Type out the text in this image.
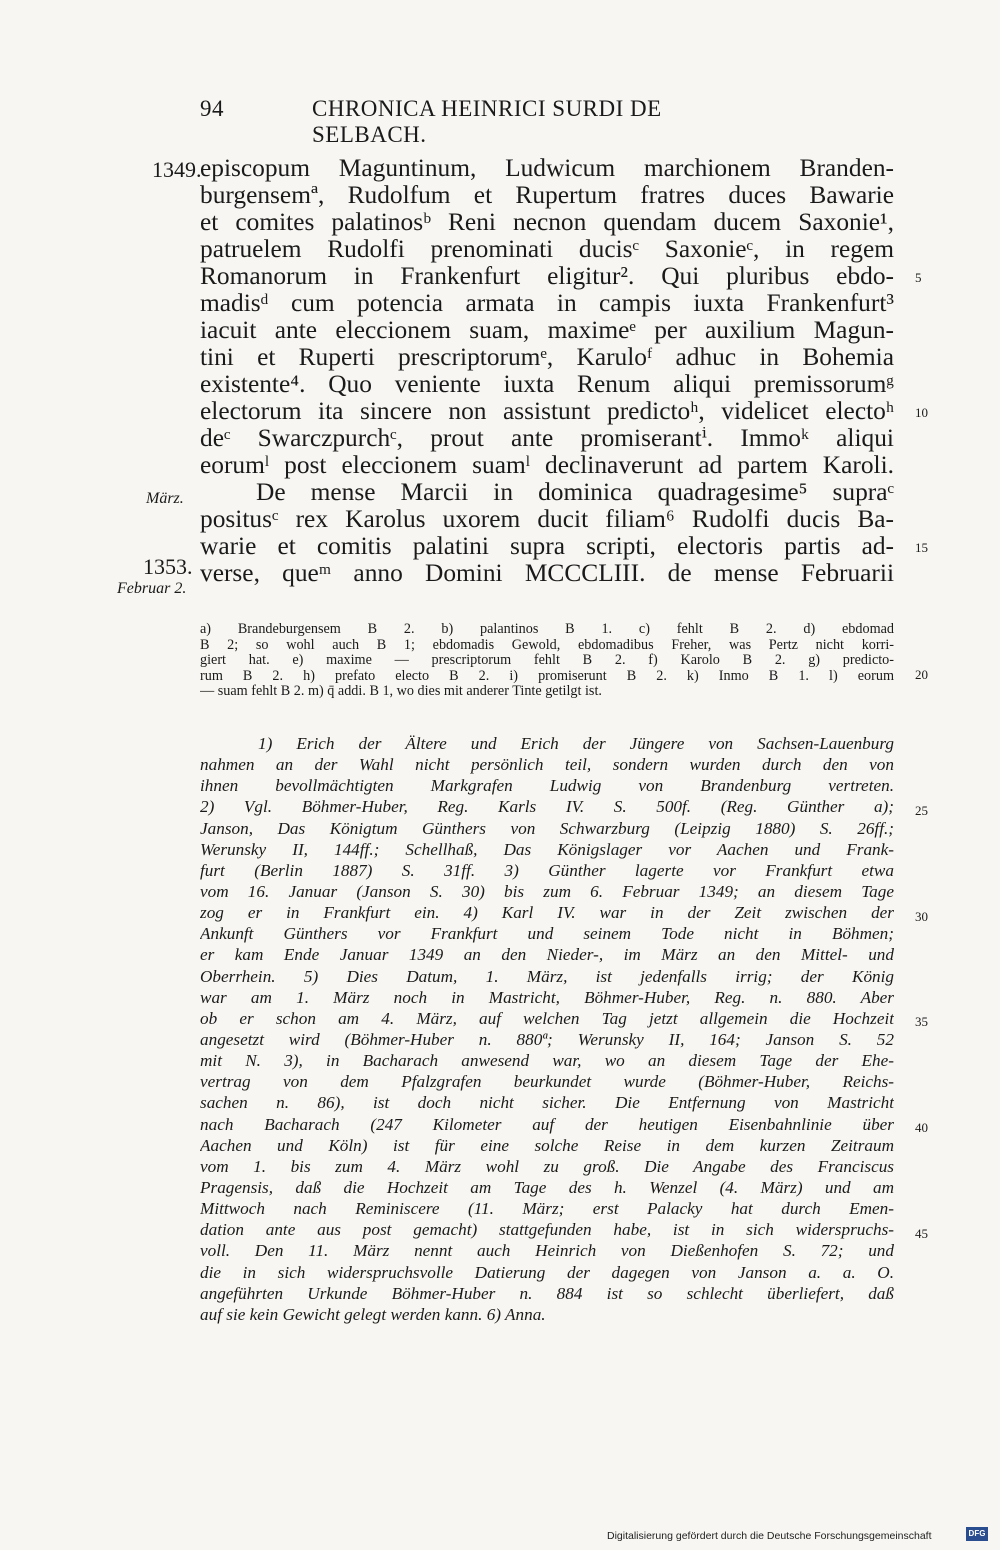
94	CHRONICA HEINRICI SURDI DE SELBACH.
1349.
März.
1353.
Februar 2.
5
10
15
20
25
30
35
40
45
episcopum Maguntinum, Ludwicum marchionem Branden-
burgensemª, Rudolfum et Rupertum fratres duces Bawarie
et comites palatinosᵇ Reni necnon quendam ducem Saxonie¹,
patruelem Rudolfi prenominati ducisᶜ Saxonieᶜ, in regem
Romanorum in Frankenfurt eligitur². Qui pluribus ebdo-
madisᵈ cum potencia armata in campis iuxta Frankenfurt³
iacuit ante eleccionem suam, maximeᵉ per auxilium Magun-
tini et Ruperti prescriptorumᵉ, Karuloᶠ adhuc in Bohemia
existente⁴. Quo veniente iuxta Renum aliqui premissorumᵍ
electorum ita sincere non assistunt predictoʰ, videlicet electoʰ
deᶜ Swarczpurchᶜ, prout ante promiserantⁱ. Immoᵏ aliqui
eorumˡ post eleccionem suamˡ declinaverunt ad partem Karoli.
De mense Marcii in dominica quadragesime⁵ supraᶜ
positusᶜ rex Karolus uxorem ducit filiam⁶ Rudolfi ducis Ba-
warie et comitis palatini supra scripti, electoris partis ad-
verse, queᵐ anno Domini MCCCLIII. de mense Februarii
a) Brandeburgensem B 2. b) palantinos B 1. c) fehlt B 2. d) ebdomad
B 2; so wohl auch B 1; ebdomadis Gewold, ebdomadibus Freher, was Pertz nicht korri-
giert hat. e) maxime — prescriptorum fehlt B 2. f) Karolo B 2. g) predicto-
rum B 2. h) prefato electo B 2. i) promiserunt B 2. k) Inmo B 1. l) eorum
— suam fehlt B 2. m) q̄ addi. B 1, wo dies mit anderer Tinte getilgt ist.
1) Erich der Ältere und Erich der Jüngere von Sachsen-Lauenburg
nahmen an der Wahl nicht persönlich teil, sondern wurden durch den von
ihnen bevollmächtigten Markgrafen Ludwig von Brandenburg vertreten.
2) Vgl. Böhmer-Huber, Reg. Karls IV. S. 500f. (Reg. Günther a);
Janson, Das Königtum Günthers von Schwarzburg (Leipzig 1880) S. 26ff.;
Werunsky II, 144ff.; Schellhaß, Das Königslager vor Aachen und Frank-
furt (Berlin 1887) S. 31ff. 3) Günther lagerte vor Frankfurt etwa
vom 16. Januar (Janson S. 30) bis zum 6. Februar 1349; an diesem Tage
zog er in Frankfurt ein. 4) Karl IV. war in der Zeit zwischen der
Ankunft Günthers vor Frankfurt und seinem Tode nicht in Böhmen;
er kam Ende Januar 1349 an den Nieder-, im März an den Mittel- und
Oberrhein. 5) Dies Datum, 1. März, ist jedenfalls irrig; der König
war am 1. März noch in Mastricht, Böhmer-Huber, Reg. n. 880. Aber
ob er schon am 4. März, auf welchen Tag jetzt allgemein die Hochzeit
angesetzt wird (Böhmer-Huber n. 880ª; Werunsky II, 164; Janson S. 52
mit N. 3), in Bacharach anwesend war, wo an diesem Tage der Ehe-
vertrag von dem Pfalzgrafen beurkundet wurde (Böhmer-Huber, Reichs-
sachen n. 86), ist doch nicht sicher. Die Entfernung von Mastricht
nach Bacharach (247 Kilometer auf der heutigen Eisenbahnlinie über
Aachen und Köln) ist für eine solche Reise in dem kurzen Zeitraum
vom 1. bis zum 4. März wohl zu groß. Die Angabe des Franciscus
Pragensis, daß die Hochzeit am Tage des h. Wenzel (4. März) und am
Mittwoch nach Reminiscere (11. März; erst Palacky hat durch Emen-
dation ante aus post gemacht) stattgefunden habe, ist in sich widerspruchs-
voll. Den 11. März nennt auch Heinrich von Dießenhofen S. 72; und
die in sich widerspruchsvolle Datierung der dagegen von Janson a. a. O.
angeführten Urkunde Böhmer-Huber n. 884 ist so schlecht überliefert, daß
auf sie kein Gewicht gelegt werden kann. 6) Anna.
Digitalisierung gefördert durch die Deutsche Forschungsgemeinschaft	DFG
